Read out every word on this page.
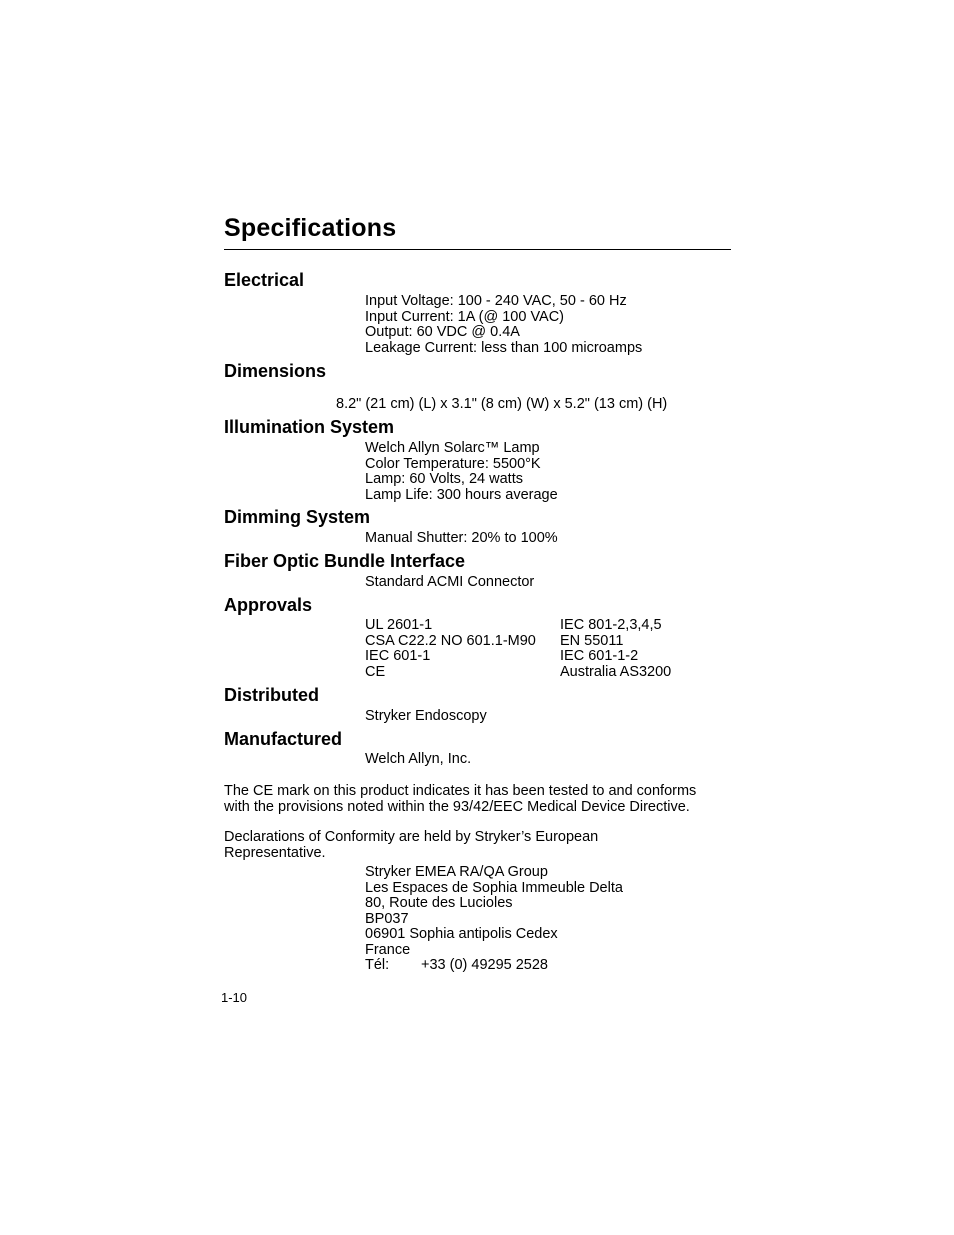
Specifications
Electrical
Input Voltage: 100 - 240 VAC, 50 - 60 Hz
Input Current: 1A (@ 100 VAC)
Output: 60 VDC @ 0.4A
Leakage Current: less than 100 microamps
Dimensions
8.2" (21 cm) (L) x 3.1" (8 cm) (W) x 5.2" (13 cm) (H)
Illumination System
Welch Allyn Solarc™ Lamp
Color Temperature: 5500°K
Lamp: 60 Volts, 24 watts
Lamp Life: 300 hours average
Dimming System
Manual Shutter: 20% to 100%
Fiber Optic Bundle Interface
Standard ACMI Connector
Approvals
UL 2601-1
CSA C22.2 NO 601.1-M90
IEC 601-1
CE
IEC 801-2,3,4,5
EN 55011
IEC 601-1-2
Australia AS3200
Distributed
Stryker Endoscopy
Manufactured
Welch Allyn, Inc.
The CE mark on this product indicates it has been tested to and conforms
with the provisions noted within the 93/42/EEC Medical Device Directive.
Declarations of Conformity are held by Stryker’s European
Representative.
Stryker EMEA RA/QA Group
Les Espaces de Sophia Immeuble Delta
80, Route des Lucioles
BP037
06901 Sophia antipolis Cedex
France
Tél: +33 (0) 49295 2528
1-10
